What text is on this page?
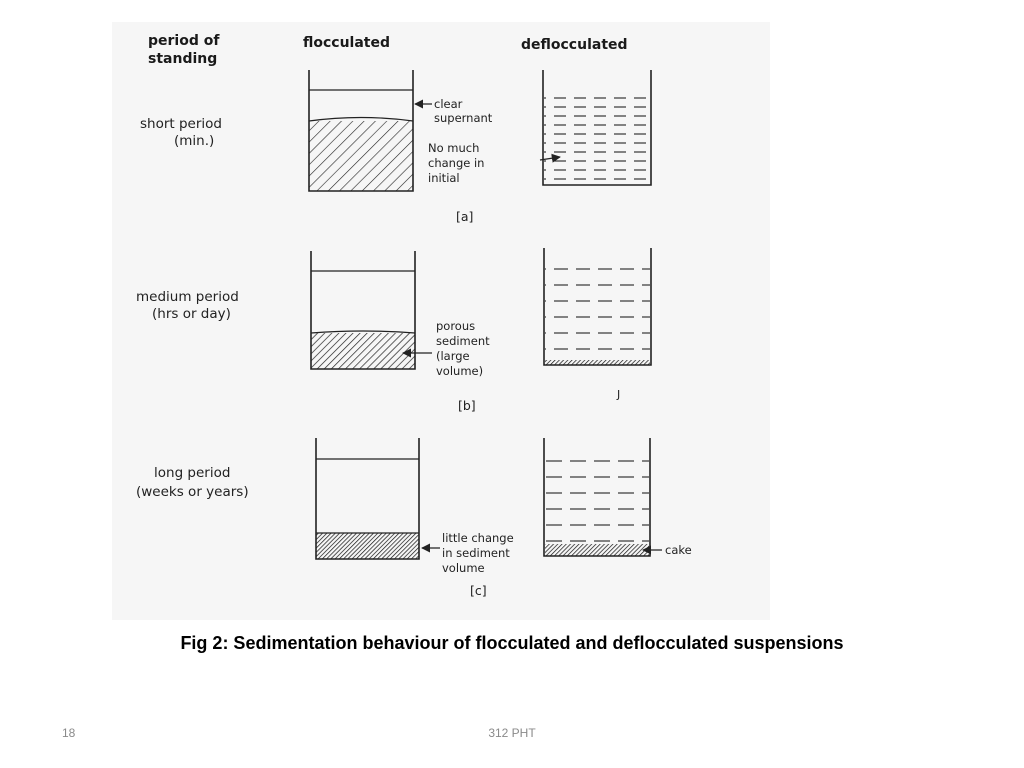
period of
standing
flocculated	deflocculated
short period
(min.)
clear
supernant
No much
change in
initial
[a]
medium period
(hrs or day)
porous
sediment
(large
volume)
[b]
J
long period
(weeks or years)
little change
in sediment
volume
[c]
cake
Fig 2: Sedimentation behaviour of flocculated and deflocculated suspensions
18	312 PHT
